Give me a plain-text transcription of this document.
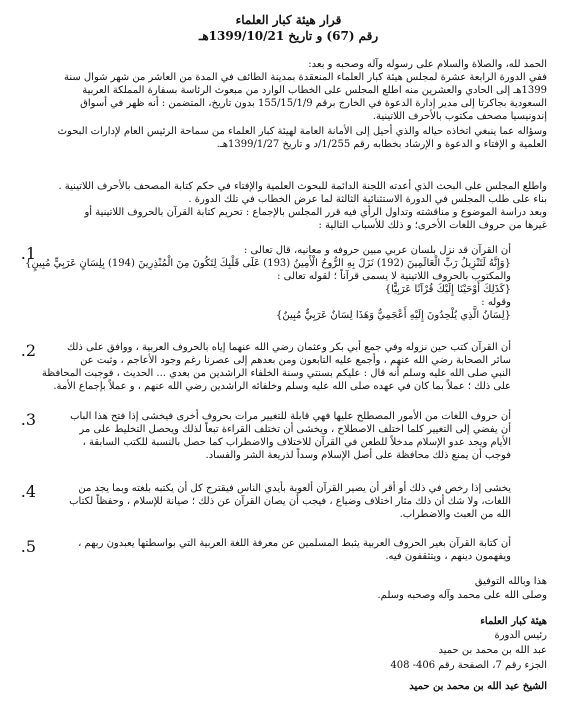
قرار هيئة كبار العلماء
رقم (67) و تاريخ 1399/10/21هـ

الحمد لله، والصلاة والسلام على رسوله وآله وصحبه و بعد:

ففي الدورة الرابعة عشرة لمجلس هيئة كبار العلماء المنعقدة بمدينة الطائف في المدة من العاشر من شهر شوال سنة

1399هـ إلى الحادي والعشرين منه اطلع المجلس على الخطاب الوارد من مبعوث الرئاسة بسفارة المملكة العربية

السعودية بجاكرتا إلى مدير إدارة الدعوة في الخارج برقم 155/15/1/9 بدون تاريخ، المتضمن : أنه ظهر في أسواق

إندونيسيا مصحف مكتوب بالأحرف اللاتينية.

وسؤاله عما ينبغي اتخاذه حياله والذي أحيل إلى الأمانة العامة لهيئة كبار العلماء من سماحة الرئيس العام لإدارات البحوث

العلمية و الإفتاء و الدعوة و الإرشاد بخطابه رقم 1/255/د و تاريخ 1399/1/27هـ.

واطلع المجلس على البحث الذي أعدته اللجنة الدائمة للبحوث العلمية والإفتاء في حكم كتابة المصحف بالأحرف اللاتينية .

بناء على طلب المجلس في الدورة الاستثنائية الثالثة لما عرض الخطاب في تلك الدورة .

وبعد دراسة الموضوع و مناقشته وتداول الرأي فيه قرر المجلس بالإجماع : تحريم كتابة القرآن بالحروف اللاتينية أو

غيرها من حروف اللغات الأخرى؛ و ذلك للأسباب التالية :

1.	أن القرآن قد نزل بلسان عربي مبين حروفه و معانيه، قال تعالى :

{وَإِنَّهُ لَتَنْزِيلُ رَبِّ الْعَالَمِينَ (192) نَزَلَ بِهِ الرُّوحُ الْأَمِينُ (193) عَلَى قَلْبِكَ لِتَكُونَ مِنَ الْمُنْذِرِينَ (194) بِلِسَانٍ عَرَبِيٍّ مُبِينٍ}

والمكتوب بالحروف اللاتينية لا يسمى قرآناً ؛ لقوله تعالى :

{كَذَلِكَ أَوْحَيْنَا إِلَيْكَ قُرْآنًا عَرَبِيًّا}

وقوله :

{لِسَانُ الَّذِي يُلْحِدُونَ إِلَيْهِ أَعْجَمِيٌّ وَهَذَا لِسَانٌ عَرَبِيٌّ مُبِينٌ}

2.	أن القرآن كتب حين نزوله وفي جمع أبي بكر وعثمان رضي الله عنهما إياه بالحروف العربية ، ووافق على ذلك

سائر الصحابة رضي الله عنهم ، وأجمع عليه التابعون ومن بعدهم إلى عصرنا رغم وجود الأعاجم ، وثبت عن

النبي صلى الله عليه وسلم أنه قال : عليكم بسنتي وسنة الخلفاء الراشدين من بعدي ... الحديث ، فوجبت المحافظة

على ذلك ؛ عملاً بما كان في عهده صلى الله عليه وسلم وخلفائه الراشدين رضي الله عنهم ، و عملاً بإجماع الأمة.

3.	أن حروف اللغات من الأمور المصطلح عليها فهي قابلة للتغيير مرات بحروف أخرى فيخشى إذا فتح هذا الباب

أن يفضي إلى التغيير كلما اختلف الاصطلاح ، ويخشى أن تختلف القراءة تبعاً لذلك ويحصل التخليط على مر

الأيام ويجد عدو الإسلام مدخلاً للطعن في القرآن للاختلاف والاضطراب كما حصل بالنسبة للكتب السابقة ،

فوجب أن يمنع ذلك محافظة على أصل الإسلام وسداً لذريعة الشر والفساد.

4.	يخشى إذا رخص في ذلك أو أقر أن يصير القرآن ألعوبة بأيدي الناس فيقترح كل أن يكتبه بلغته وبما يجد من

اللغات، ولا شك أن ذلك مثار اختلاف وضياع ، فيجب أن يصان القرآن عن ذلك ؛ صيانة للإسلام ، وحفظاً لكتاب

الله من العبث والاضطراب.

5.	أن كتابة القرآن بغير الحروف العربية يثبط المسلمين عن معرفة اللغة العربية التي بواسطتها يعبدون ربهم ،

ويفهمون دينهم ، ويتثقفون فيه.

هذا وبالله التوفيق

وصلى الله على محمد وآله وصحبه وسلم.

هيئة كبار العلماء

رئيس الدورة

عبد الله بن محمد بن حميد

الجزء رقم 7، الصفحة رقم 406- 408

الشيخ عبد الله بن محمد بن حميد
